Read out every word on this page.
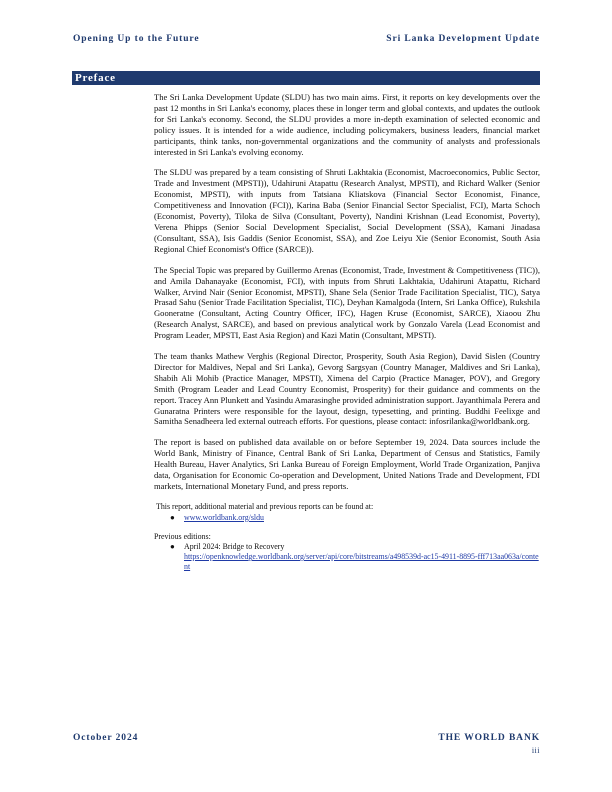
Opening Up to the Future	Sri Lanka Development Update
Preface

The Sri Lanka Development Update (SLDU) has two main aims. First, it reports on key developments over the past 12 months in Sri Lanka's economy, places these in longer term and global contexts, and updates the outlook for Sri Lanka's economy. Second, the SLDU provides a more in-depth examination of selected economic and policy issues. It is intended for a wide audience, including policymakers, business leaders, financial market participants, think tanks, non-governmental organizations and the community of analysts and professionals interested in Sri Lanka's evolving economy.

The SLDU was prepared by a team consisting of Shruti Lakhtakia (Economist, Macroeconomics, Public Sector, Trade and Investment (MPSTI)), Udahiruni Atapattu (Research Analyst, MPSTI), and Richard Walker (Senior Economist, MPSTI), with inputs from Tatsiana Kliatskova (Financial Sector Economist, Finance, Competitiveness and Innovation (FCI)), Karina Baba (Senior Financial Sector Specialist, FCI), Marta Schoch (Economist, Poverty), Tiloka de Silva (Consultant, Poverty), Nandini Krishnan (Lead Economist, Poverty), Verena Phipps (Senior Social Development Specialist, Social Development (SSA), Kamani Jinadasa (Consultant, SSA), Isis Gaddis (Senior Economist, SSA), and Zoe Leiyu Xie (Senior Economist, South Asia Regional Chief Economist's Office (SARCE)).

The Special Topic was prepared by Guillermo Arenas (Economist, Trade, Investment & Competitiveness (TIC)), and Amila Dahanayake (Economist, FCI), with inputs from Shruti Lakhtakia, Udahiruni Atapattu, Richard Walker, Arvind Nair (Senior Economist, MPSTI), Shane Sela (Senior Trade Facilitation Specialist, TIC), Satya Prasad Sahu (Senior Trade Facilitation Specialist, TIC), Deyhan Kamalgoda (Intern, Sri Lanka Office), Rukshila Gooneratne (Consultant, Acting Country Officer, IFC), Hagen Kruse (Economist, SARCE), Xiaoou Zhu (Research Analyst, SARCE), and based on previous analytical work by Gonzalo Varela (Lead Economist and Program Leader, MPSTI, East Asia Region) and Kazi Matin (Consultant, MPSTI).

The team thanks Mathew Verghis (Regional Director, Prosperity, South Asia Region), David Sislen (Country Director for Maldives, Nepal and Sri Lanka), Gevorg Sargsyan (Country Manager, Maldives and Sri Lanka), Shabih Ali Mohib (Practice Manager, MPSTI), Ximena del Carpio (Practice Manager, POV), and Gregory Smith (Program Leader and Lead Country Economist, Prosperity) for their guidance and comments on the report. Tracey Ann Plunkett and Yasindu Amarasinghe provided administration support. Jayanthimala Perera and Gunaratna Printers were responsible for the layout, design, typesetting, and printing. Buddhi Feelixge and Samitha Senadheera led external outreach efforts. For questions, please contact: infosrilanka@worldbank.org.

The report is based on published data available on or before September 19, 2024. Data sources include the World Bank, Ministry of Finance, Central Bank of Sri Lanka, Department of Census and Statistics, Family Health Bureau, Haver Analytics, Sri Lanka Bureau of Foreign Employment, World Trade Organization, Panjiva data, Organisation for Economic Co-operation and Development, United Nations Trade and Development, FDI markets, International Monetary Fund, and press reports.

This report, additional material and previous reports can be found at:
● www.worldbank.org/sldu
Previous editions:
● April 2024: Bridge to Recovery
https://openknowledge.worldbank.org/server/api/core/bitstreams/a498539d-ac15-4911-8895-fff713aa063a/content
October 2024	THE WORLD BANK
iii
